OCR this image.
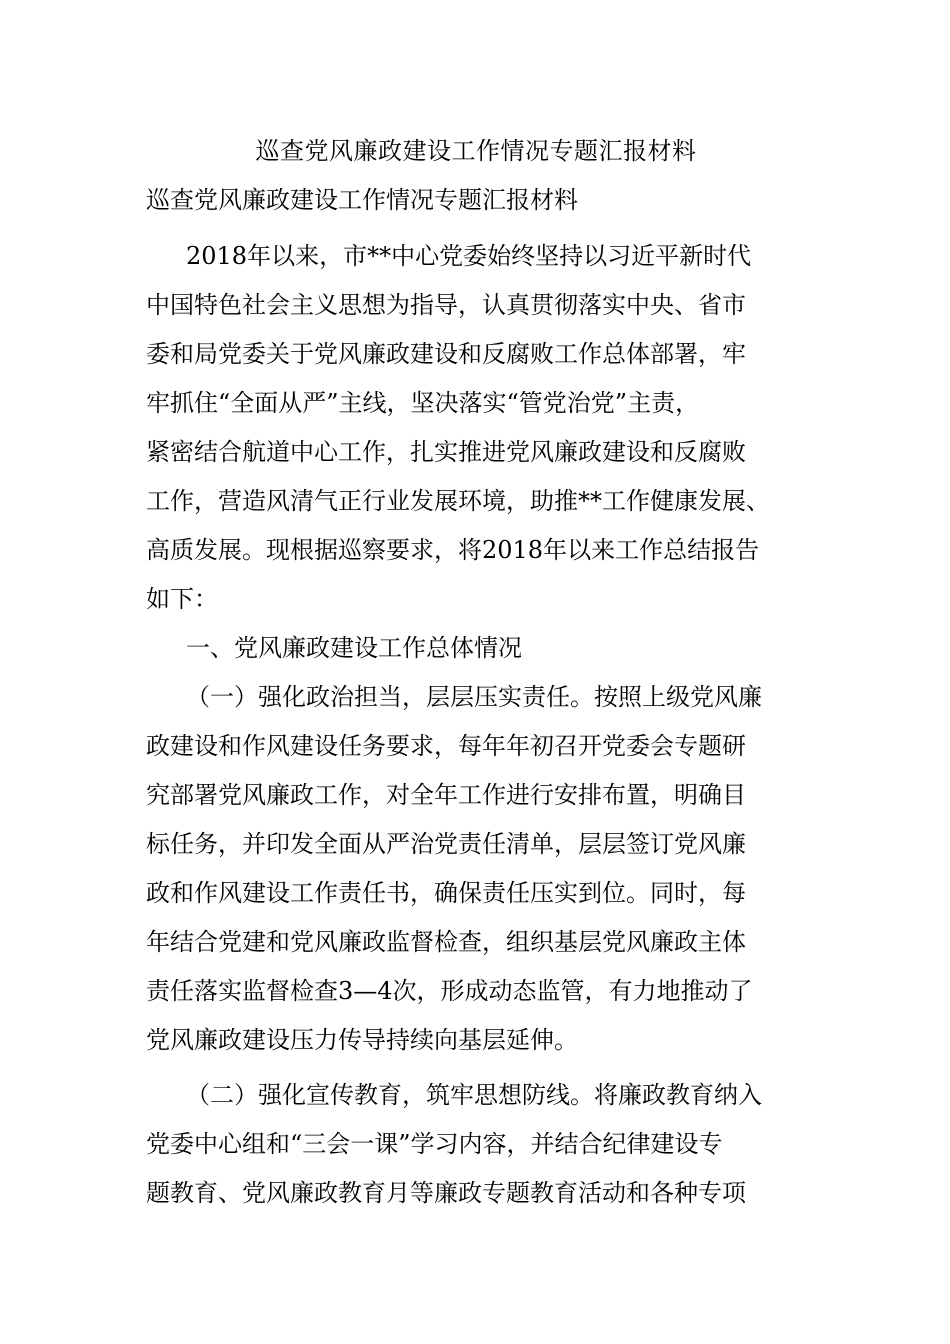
巡查党风廉政建设工作情况专题汇报材料
巡查党风廉政建设工作情况专题汇报材料
2018年以来，市**中心党委始终坚持以习近平新时代
中国特色社会主义思想为指导，认真贯彻落实中央、省市
委和局党委关于党风廉政建设和反腐败工作总体部署，牢
牢抓住“全面从严”主线，坚决落实“管党治党”主责，
紧密结合航道中心工作，扎实推进党风廉政建设和反腐败
工作，营造风清气正行业发展环境，助推**工作健康发展、
高质发展。现根据巡察要求，将2018年以来工作总结报告
如下：
一、党风廉政建设工作总体情况
（一）强化政治担当，层层压实责任。按照上级党风廉
政建设和作风建设任务要求，每年年初召开党委会专题研
究部署党风廉政工作，对全年工作进行安排布置，明确目
标任务，并印发全面从严治党责任清单，层层签订党风廉
政和作风建设工作责任书，确保责任压实到位。同时，每
年结合党建和党风廉政监督检查，组织基层党风廉政主体
责任落实监督检查3—4次，形成动态监管，有力地推动了
党风廉政建设压力传导持续向基层延伸。
（二）强化宣传教育，筑牢思想防线。将廉政教育纳入
党委中心组和“三会一课”学习内容，并结合纪律建设专
题教育、党风廉政教育月等廉政专题教育活动和各种专项
